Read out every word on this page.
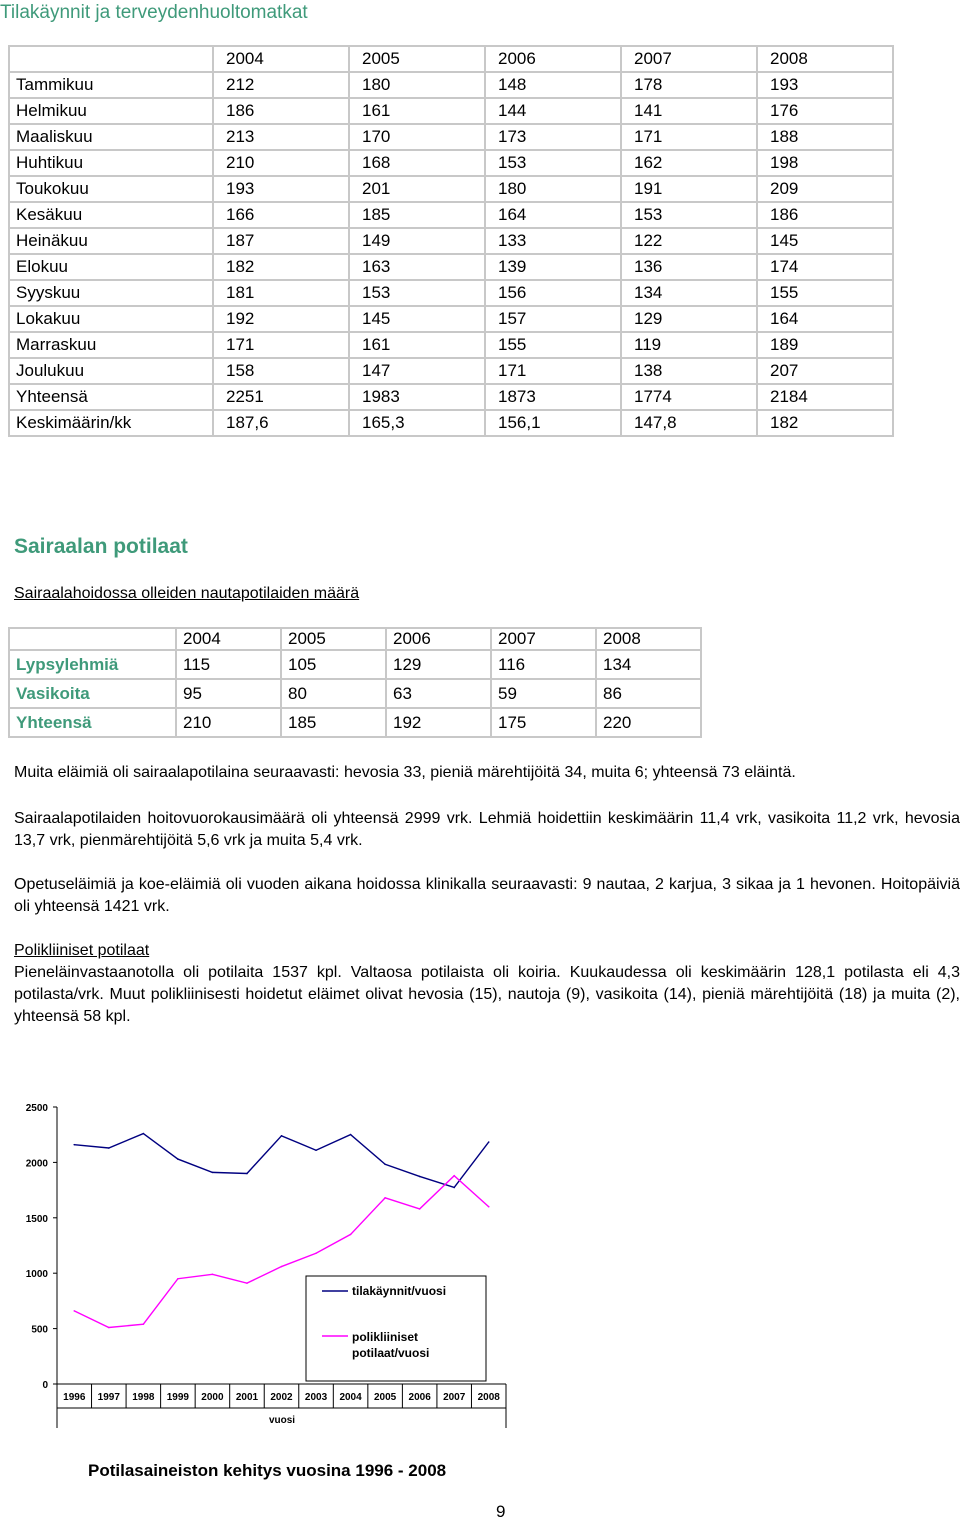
Tilakäynnit ja terveydenhuoltomatkat
	2004	2005	2006	2007	2008
Tammikuu	212	180	148	178	193
Helmikuu	186	161	144	141	176
Maaliskuu	213	170	173	171	188
Huhtikuu	210	168	153	162	198
Toukokuu	193	201	180	191	209
Kesäkuu	166	185	164	153	186
Heinäkuu	187	149	133	122	145
Elokuu	182	163	139	136	174
Syyskuu	181	153	156	134	155
Lokakuu	192	145	157	129	164
Marraskuu	171	161	155	119	189
Joulukuu	158	147	171	138	207
Yhteensä	2251	1983	1873	1774	2184
Keskimäärin/kk	187,6	165,3	156,1	147,8	182
Sairaalan potilaat
Sairaalahoidossa olleiden nautapotilaiden määrä
	2004	2005	2006	2007	2008
Lypsylehmiä	115	105	129	116	134
Vasikoita	95	80	63	59	86
Yhteensä	210	185	192	175	220
Muita eläimiä oli sairaalapotilaina seuraavasti: hevosia 33, pieniä märehtijöitä 34, muita 6; yhteensä 73 eläintä.
Sairaalapotilaiden hoitovuorokausimäärä oli yhteensä 2999 vrk. Lehmiä hoidettiin keskimäärin 11,4 vrk, vasikoita 11,2 vrk, hevosia 13,7 vrk, pienmärehtijöitä 5,6 vrk ja muita 5,4 vrk.
Opetuseläimiä ja koe-eläimiä oli vuoden aikana hoidossa klinikalla seuraavasti: 9 nautaa, 2 karjua, 3 sikaa ja 1 hevonen. Hoitopäiviä oli yhteensä 1421 vrk.
Polikliiniset potilaat
Pieneläinvastaanotolla oli potilaita 1537 kpl. Valtaosa potilaista oli koiria. Kuukaudessa oli keskimäärin 128,1 potilasta eli 4,3 potilasta/vrk. Muut polikliinisesti hoidetut eläimet olivat hevosia (15), nautoja (9), vasikoita (14), pieniä märehtijöitä (18) ja muita (2), yhteensä 58 kpl.
0
500
1000
1500
2000
2500
1996 1997 1998 1999 2000 2001 2002 2003 2004 2005 2006 2007 2008
vuosi
tilakäynnit/vuosi
polikliiniset
potilaat/vuosi
Potilasaineiston kehitys vuosina 1996 - 2008
9
